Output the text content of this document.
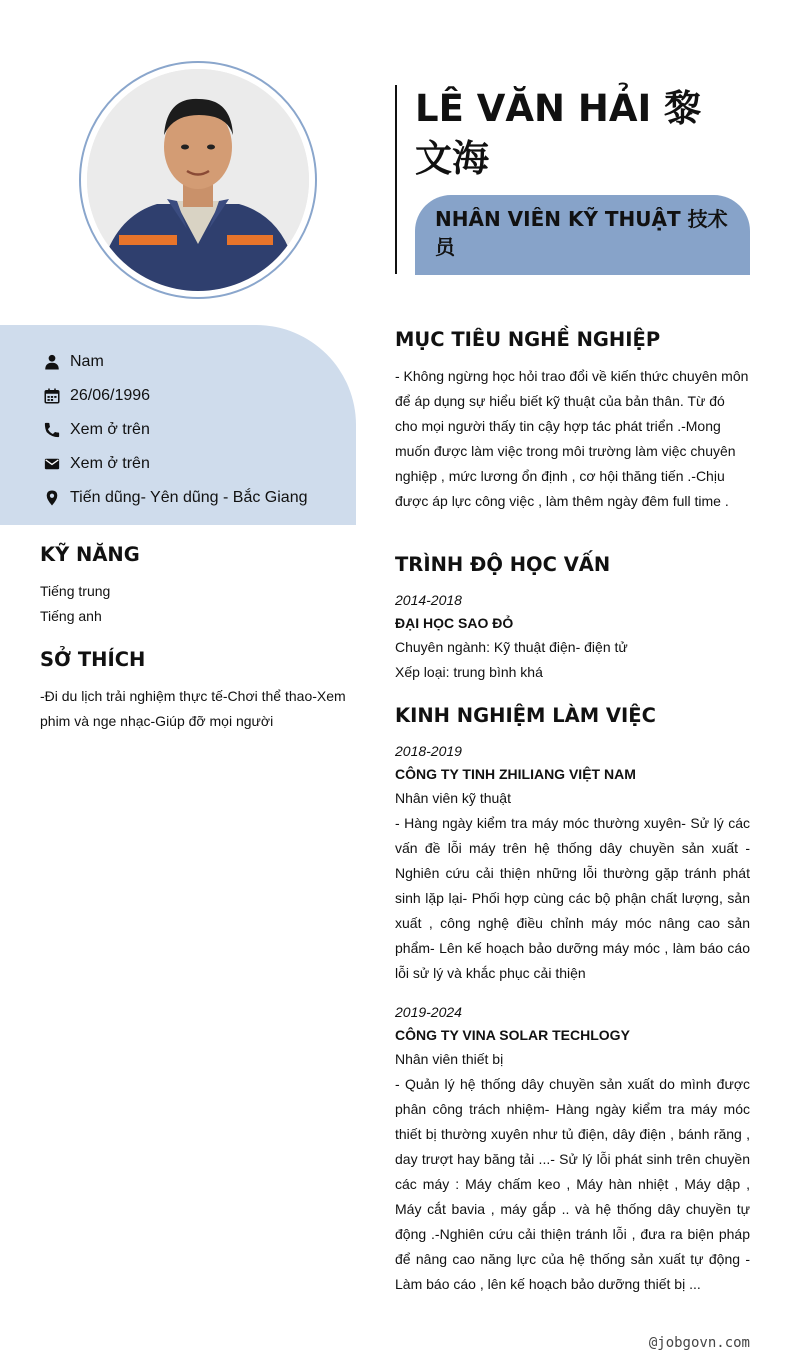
LÊ VĂN HẢI 黎文海
NHÂN VIÊN KỸ THUẬT 技术员
Nam
26/06/1996
Xem ở trên
Xem ở trên
Tiến dũng- Yên dũng - Bắc Giang
KỸ NĂNG
Tiếng trung
Tiếng anh
SỞ THÍCH
-Đi du lịch trải nghiệm thực tế-Chơi thể thao-Xem phim và nge nhạc-Giúp đỡ mọi người
MỤC TIÊU NGHỀ NGHIỆP
- Không ngừng học hỏi trao đổi về kiến thức chuyên môn để áp dụng sự hiểu biết kỹ thuật của bản thân. Từ đó cho mọi người thấy tin cậy hợp tác phát triển .-Mong muốn được làm việc trong môi trường làm việc chuyên nghiệp , mức lương ổn định , cơ hội thăng tiến .-Chịu được áp lực công việc , làm thêm ngày đêm full time .
TRÌNH ĐỘ HỌC VẤN
2014-2018
ĐẠI HỌC SAO ĐỎ
Chuyên ngành: Kỹ thuật điện- điện tử
Xếp loại: trung bình khá
KINH NGHIỆM LÀM VIỆC
2018-2019
CÔNG TY TINH ZHILIANG VIỆT NAM
Nhân viên kỹ thuật
- Hàng ngày kiểm tra máy móc thường xuyên- Sử lý các vấn đề lỗi máy trên hệ thống dây chuyền sản xuất - Nghiên cứu cải thiện những lỗi thường gặp tránh phát sinh lặp lại- Phối hợp cùng các bộ phận chất lượng, sản xuất , công nghệ điều chỉnh máy móc nâng cao sản phẩm- Lên kế hoạch bảo dưỡng máy móc , làm báo cáo lỗi sử lý và khắc phục cải thiện
2019-2024
CÔNG TY VINA SOLAR TECHLOGY
Nhân viên thiết bị
- Quản lý hệ thống dây chuyền sản xuất do mình được phân công trách nhiệm- Hàng ngày kiểm tra máy móc thiết bị thường xuyên như tủ điện, dây điện , bánh răng , day trượt hay băng tải ...- Sử lý lỗi phát sinh trên chuyền các máy : Máy chấm keo , Máy hàn nhiệt , Máy dập , Máy cắt bavia , máy gắp .. và hệ thống dây chuyền tự động .-Nghiên cứu cải thiện tránh lỗi , đưa ra biện pháp để nâng cao năng lực của hệ thống sản xuất tự động - Làm báo cáo , lên kế hoạch bảo dưỡng thiết bị ...
@jobgovn.com
